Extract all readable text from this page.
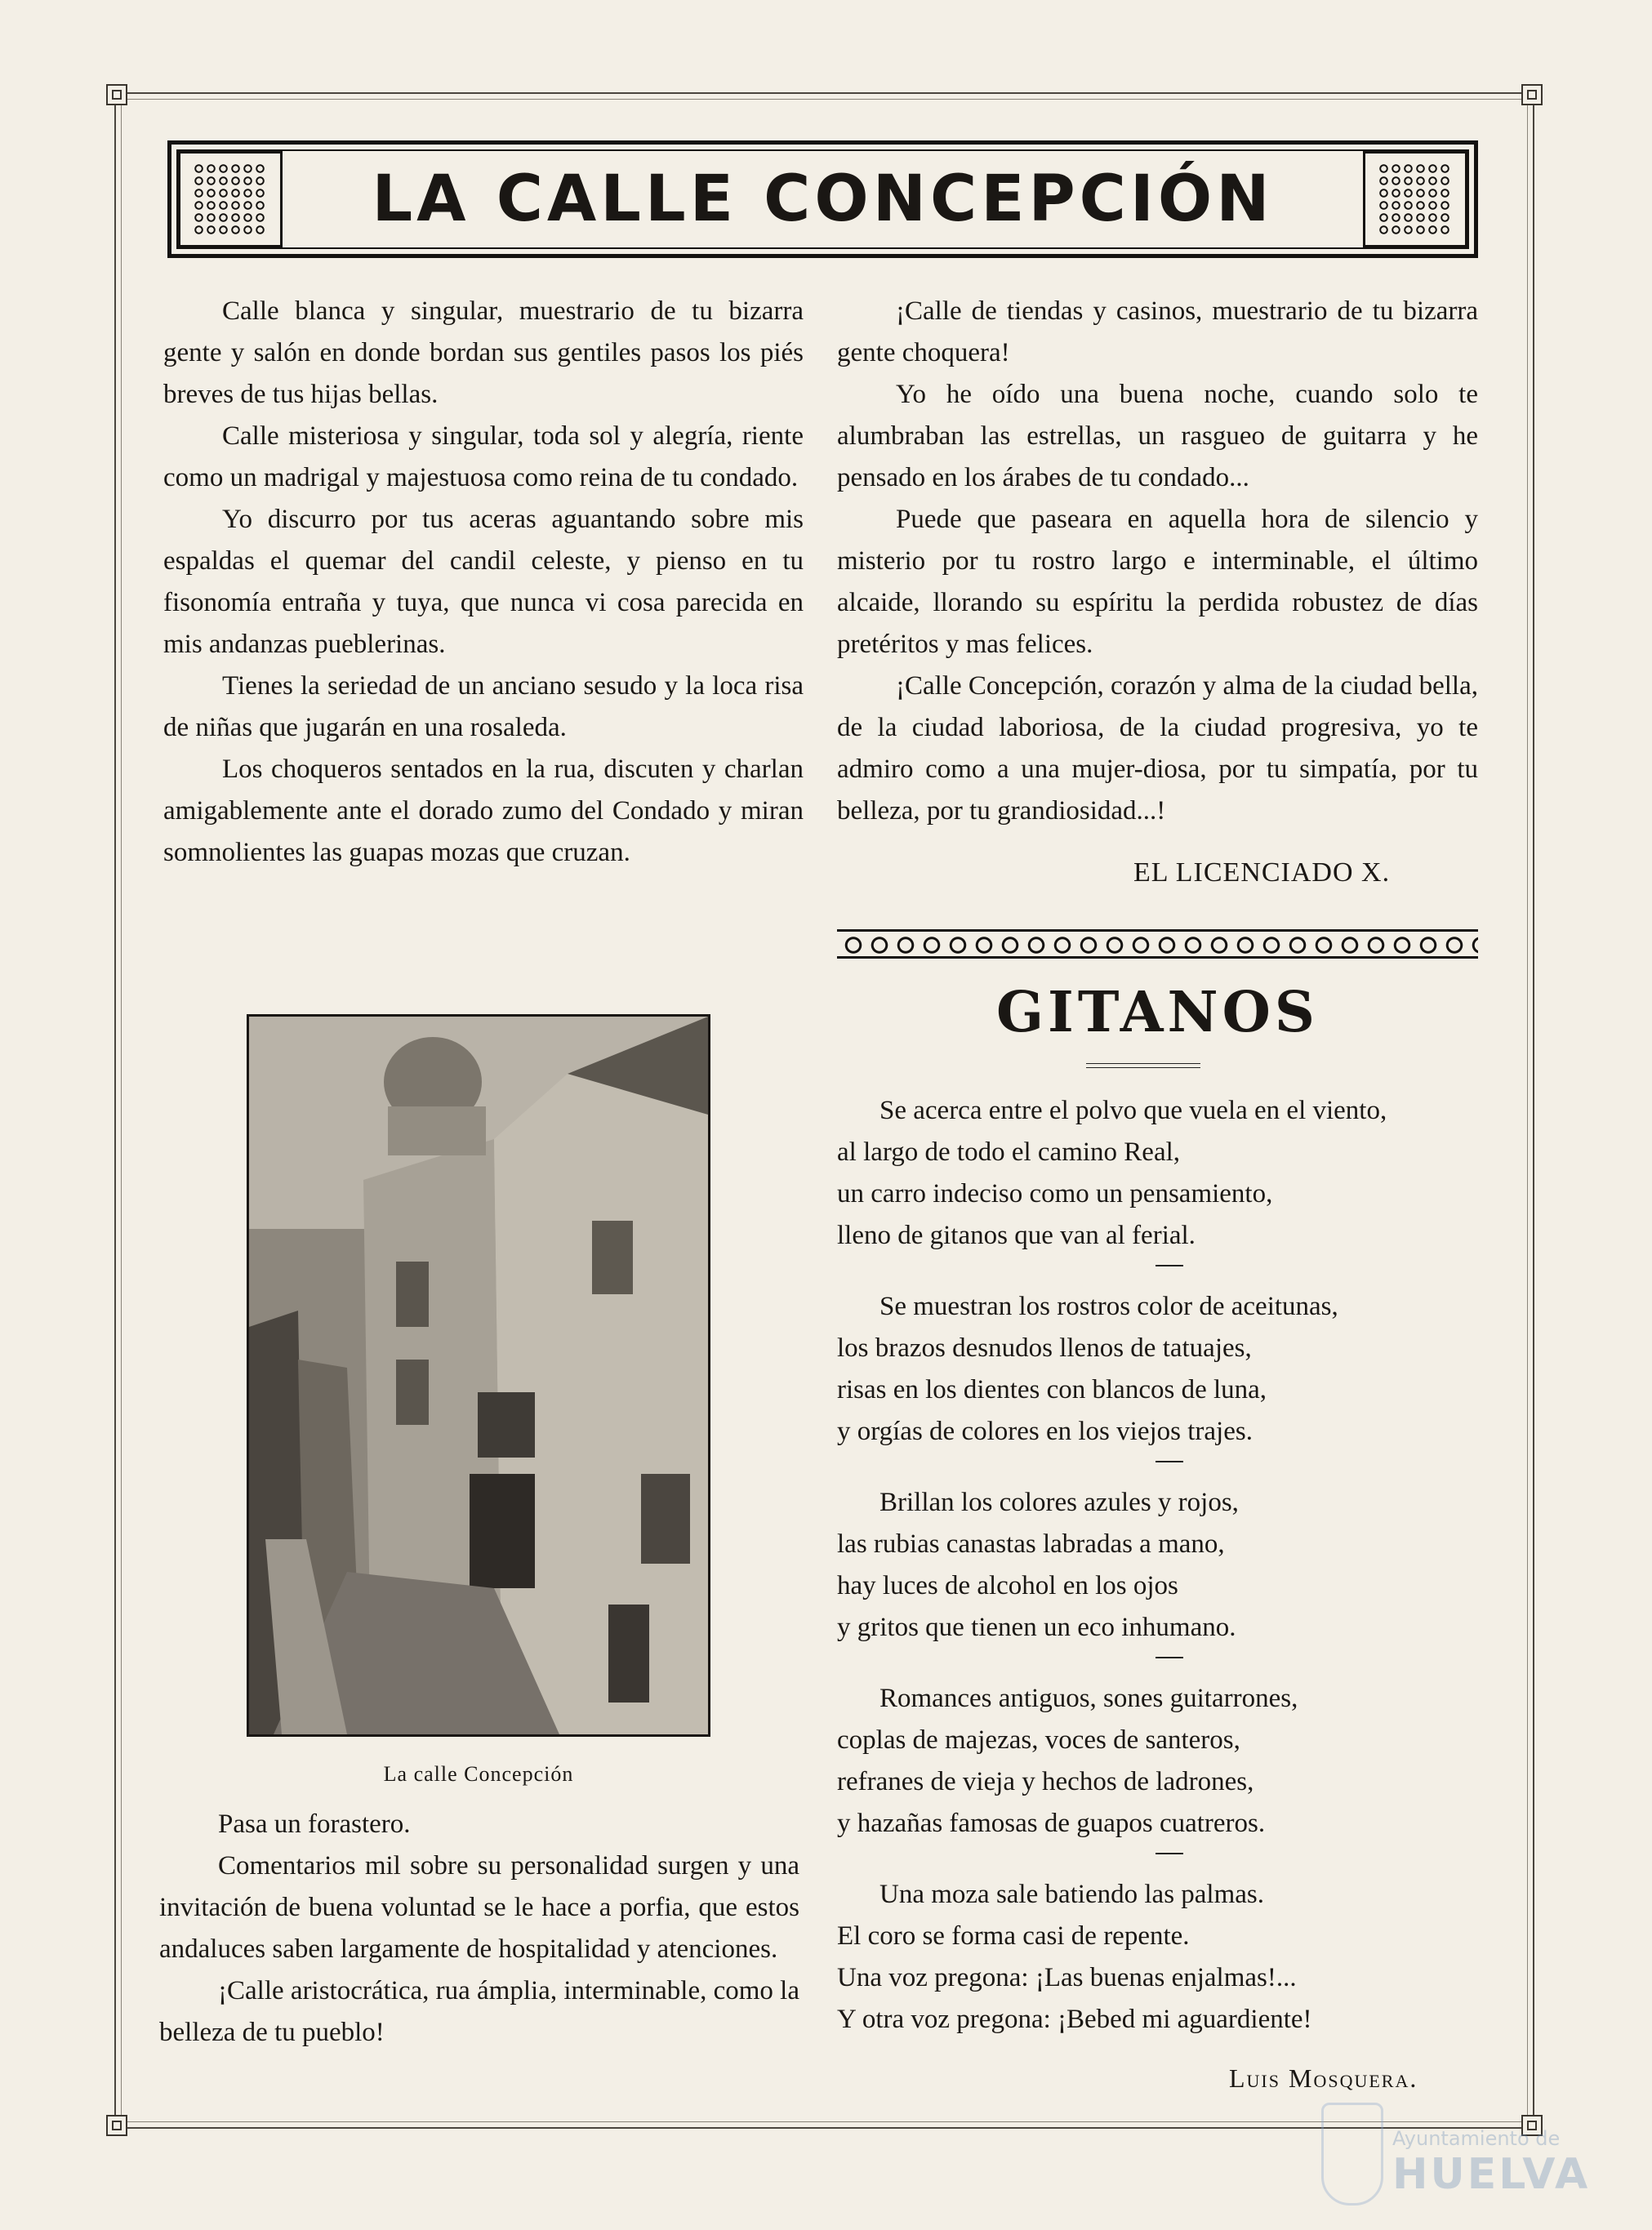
LA CALLE CONCEPCIÓN

Calle blanca y singular, muestrario de tu bizarra gente y salón en donde bordan sus gentiles pasos los piés breves de tus hijas bellas.

Calle misteriosa y singular, toda sol y alegría, riente como un madrigal y majestuosa como reina de tu condado.

Yo discurro por tus aceras aguantando sobre mis espaldas el quemar del candil celeste, y pienso en tu fisonomía entraña y tuya, que nunca vi cosa parecida en mis andanzas pueblerinas.

Tienes la seriedad de un anciano sesudo y la loca risa de niñas que jugarán en una rosaleda.

Los choqueros sentados en la rua, discuten y charlan amigablemente ante el dorado zumo del Condado y miran somnolientes las guapas mozas que cruzan.

La calle Concepción

Pasa un forastero.

Comentarios mil sobre su personalidad surgen y una invitación de buena voluntad se le hace a porfia, que estos andaluces saben largamente de hospitalidad y atenciones.

¡Calle aristocrática, rua ámplia, interminable, como la belleza de tu pueblo!

¡Calle de tiendas y casinos, muestrario de tu bizarra gente choquera!

Yo he oído una buena noche, cuando solo te alumbraban las estrellas, un rasgueo de guitarra y he pensado en los árabes de tu condado...

Puede que paseara en aquella hora de silencio y misterio por tu rostro largo e interminable, el último alcaide, llorando su espíritu la perdida robustez de días pretéritos y mas felices.

¡Calle Concepción, corazón y alma de la ciudad bella, de la ciudad laboriosa, de la ciudad progresiva, yo te admiro como a una mujer-diosa, por tu simpatía, por tu belleza, por tu grandiosidad...!

EL LICENCIADO X.
GITANOS
Se acerca entre el polvo que vuela en el viento,
al largo de todo el camino Real,
un carro indeciso como un pensamiento,
lleno de gitanos que van al ferial.
Se muestran los rostros color de aceitunas,
los brazos desnudos llenos de tatuajes,
risas en los dientes con blancos de luna,
y orgías de colores en los viejos trajes.
Brillan los colores azules y rojos,
las rubias canastas labradas a mano,
hay luces de alcohol en los ojos
y gritos que tienen un eco inhumano.
Romances antiguos, sones guitarrones,
coplas de majezas, voces de santeros,
refranes de vieja y hechos de ladrones,
y hazañas famosas de guapos cuatreros.
Una moza sale batiendo las palmas.
El coro se forma casi de repente.
Una voz pregona: ¡Las buenas enjalmas!...
Y otra voz pregona: ¡Bebed mi aguardiente!
Luis Mosquera.
Ayuntamiento de
HUELVA
